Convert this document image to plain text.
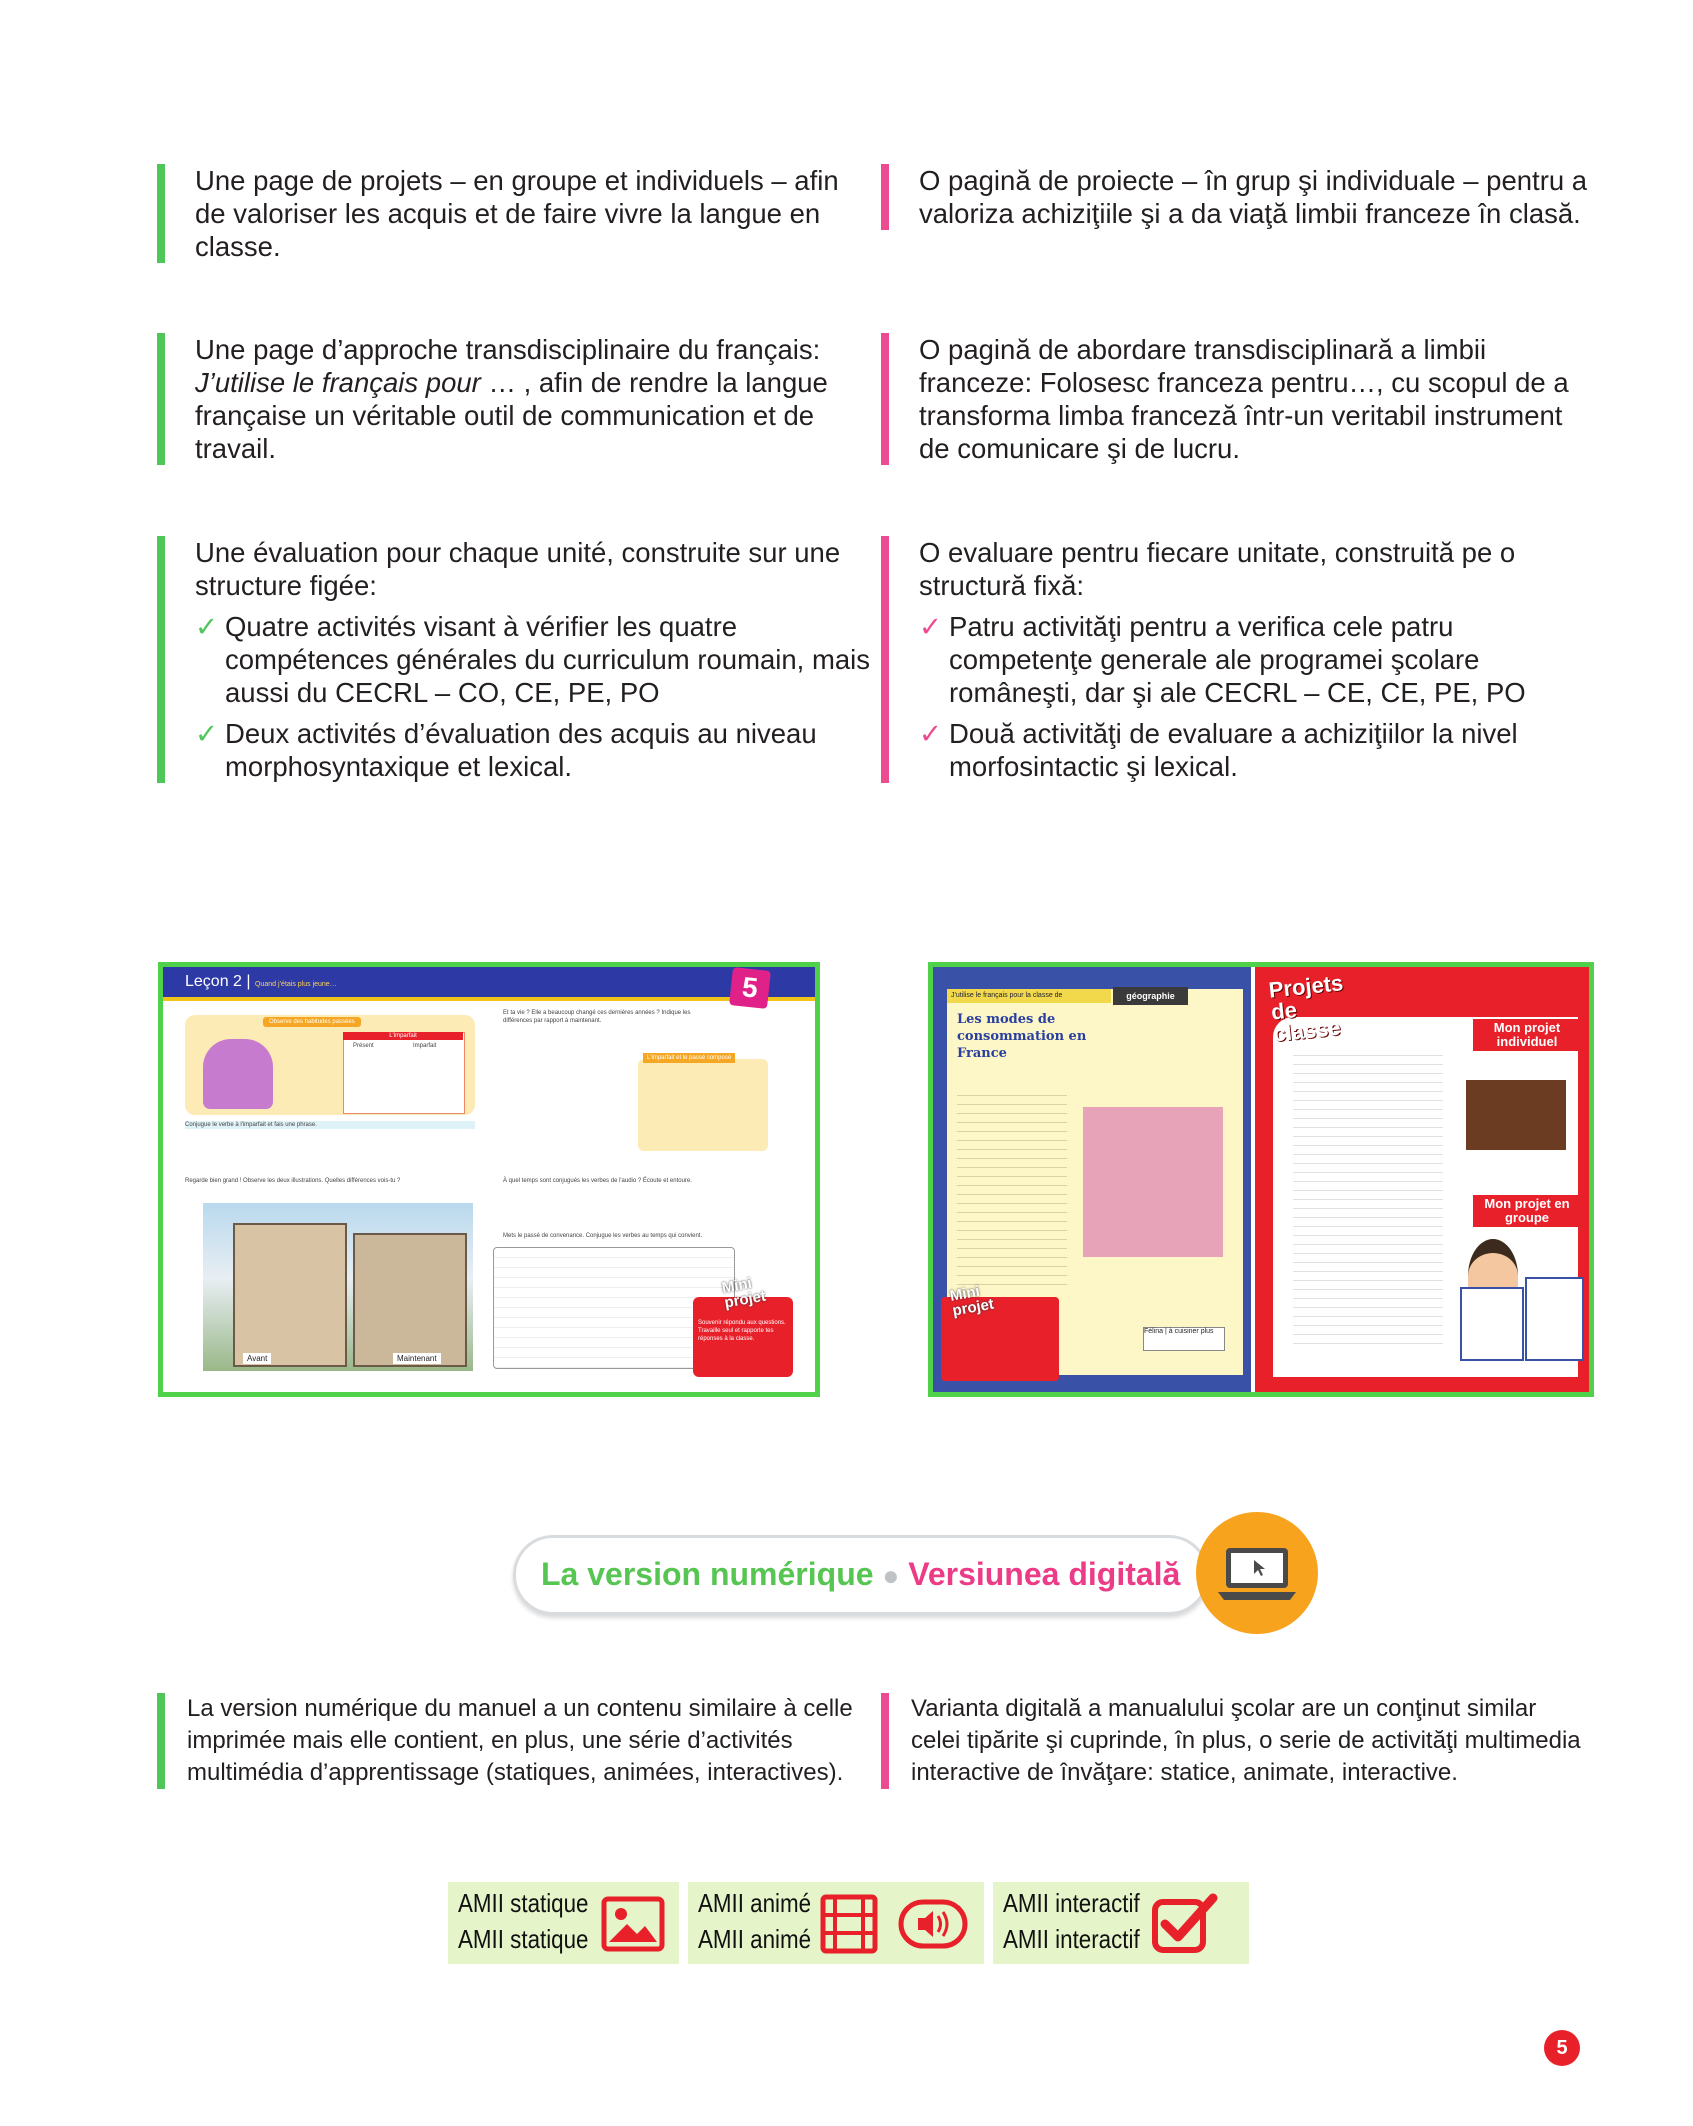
Une page de projets – en groupe et individuels – afin de valoriser les acquis et de faire vivre la langue en classe.

O pagină de proiecte – în grup şi individuale – pentru a valoriza achiziţiile şi a da viaţă limbii franceze în clasă.

Une page d’approche transdisciplinaire du français: J’utilise le français pour … , afin de rendre la langue française un véritable outil de communication et de travail.

O pagină de abordare transdisciplinară a limbii franceze: Folosesc franceza pentru…, cu scopul de a transforma limba franceză într-un veritabil instrument de comunicare şi de lucru.

Une évaluation pour chaque unité, construite sur une structure figée:

✓ Quatre activités visant à vérifier les quatre compétences générales du curriculum roumain, mais aussi du CECRL – CO, CE, PE, PO
✓ Deux activités d’évaluation des acquis au niveau morphosyntaxique et lexical.

O evaluare pentru fiecare unitate, construită pe o structură fixă:

✓ Patru activităţi pentru a verifica cele patru competenţe generale ale programei şcolare româneşti, dar şi ale CECRL – CE, CE, PE, PO
✓ Două activităţi de evaluare a achiziţiilor la nivel morfosintactic şi lexical.
Leçon 2 | Quand j’étais plus jeune…	5
Observe des habitudes passées
L'imparfait
Présent	Imparfait
Conjugue le verbe à l'imparfait et fais une phrase.
Regarde bien grand ! Observe les deux illustrations. Quelles différences vois-tu ?
Avant	Maintenant
Et ta vie ? Elle a beaucoup changé ces dernières années ? Indique les différences par rapport à maintenant.
L'imparfait et le passé composé
À quel temps sont conjugués les verbes de l'audio ? Écoute et entoure.
Mets le passé de convenance. Conjugue les verbes au temps qui convient.
Mini projet
Souvenir répondu aux questions. Travaille seul et rapporte tes réponses à la classe.
J'utilise le français pour la classe de	géographie
Les modes de consommation en France
Mini projet
Félina | à cuisiner plus
Projets de classe	Mon projet individuel
Mon projet en groupe
La version numérique ● Versiunea digitală

La version numérique du manuel a un contenu similaire à celle imprimée mais elle contient, en plus, une série d’activités multimédia d’apprentissage (statiques, animées, interactives).

Varianta digitală a manualului şcolar are un conţinut similar celei tipărite şi cuprinde, în plus, o serie de activităţi multimedia interactive de învăţare: statice, animate, interactive.

AMII statique
AMII statique
AMII animé
AMII animé
AMII interactif
AMII interactif
5
